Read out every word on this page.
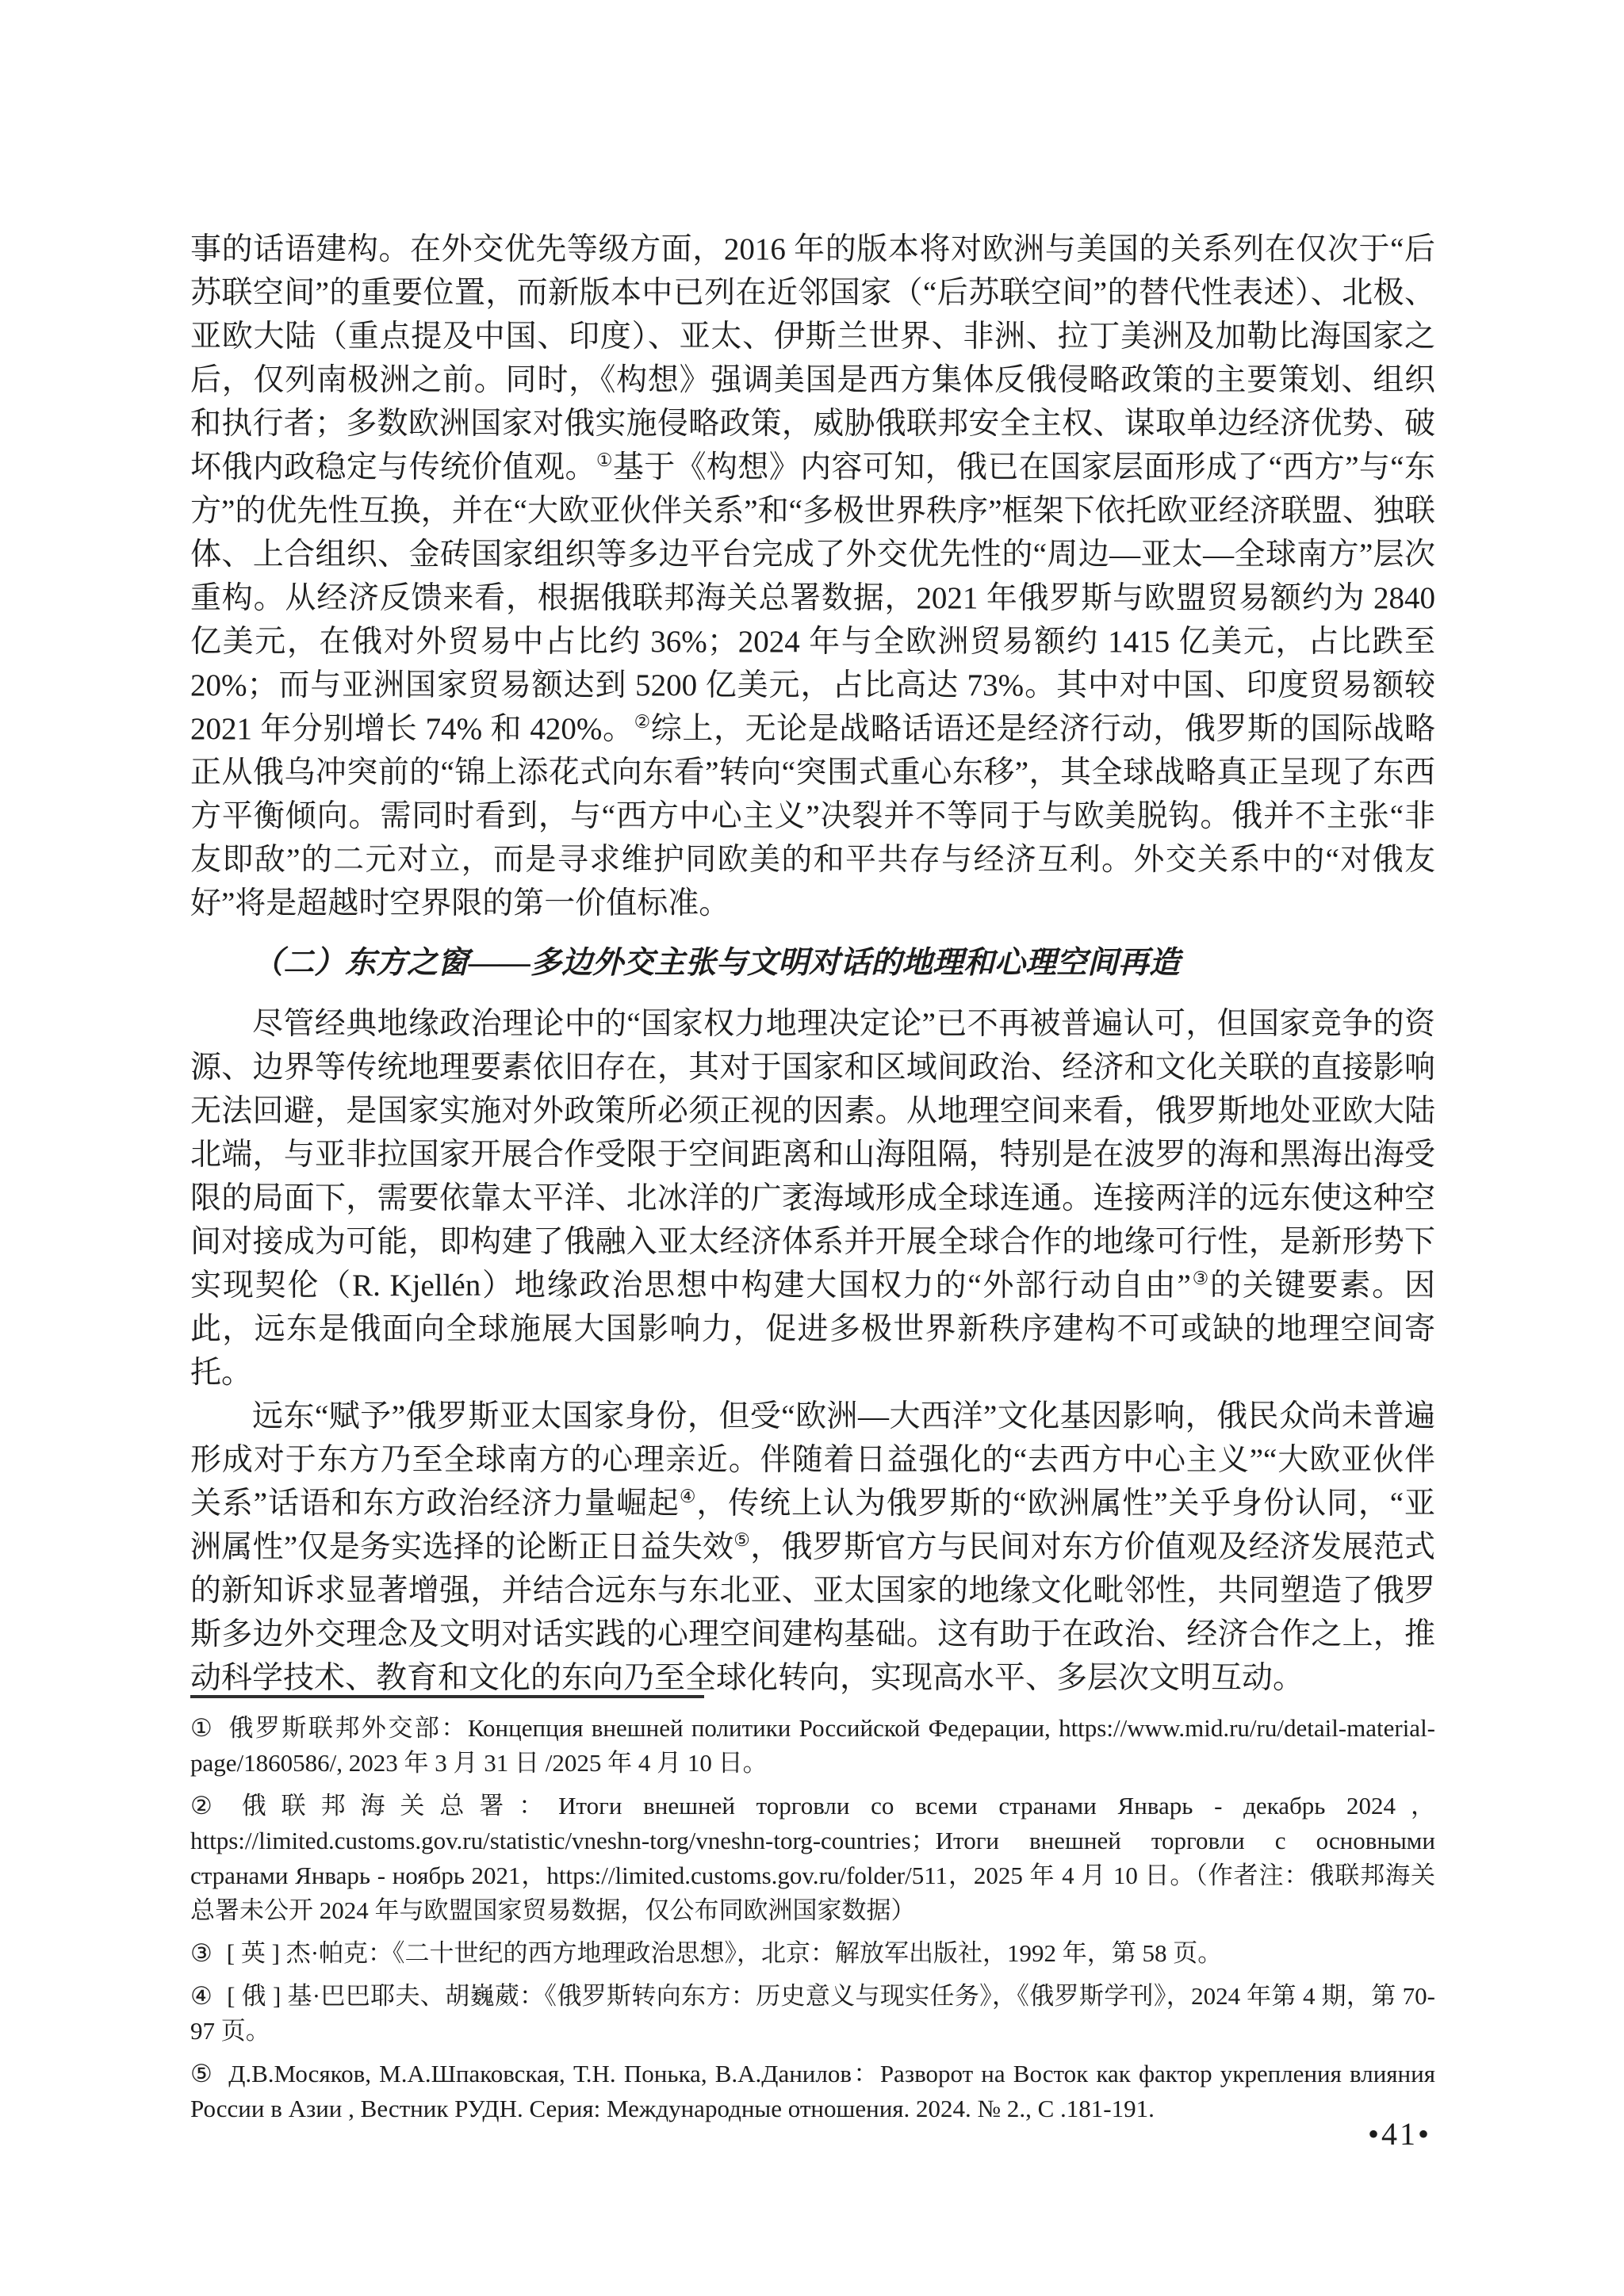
事的话语建构。在外交优先等级方面，2016 年的版本将对欧洲与美国的关系列在仅次于“后苏联空间”的重要位置，而新版本中已列在近邻国家（“后苏联空间”的替代性表述）、北极、亚欧大陆（重点提及中国、印度）、亚太、伊斯兰世界、非洲、拉丁美洲及加勒比海国家之后，仅列南极洲之前。同时，《构想》强调美国是西方集体反俄侵略政策的主要策划、组织和执行者；多数欧洲国家对俄实施侵略政策，威胁俄联邦安全主权、谋取单边经济优势、破坏俄内政稳定与传统价值观。①基于《构想》内容可知，俄已在国家层面形成了“西方”与“东方”的优先性互换，并在“大欧亚伙伴关系”和“多极世界秩序”框架下依托欧亚经济联盟、独联体、上合组织、金砖国家组织等多边平台完成了外交优先性的“周边—亚太—全球南方”层次重构。从经济反馈来看，根据俄联邦海关总署数据，2021 年俄罗斯与欧盟贸易额约为 2840 亿美元，在俄对外贸易中占比约 36%；2024 年与全欧洲贸易额约 1415 亿美元，占比跌至 20%；而与亚洲国家贸易额达到 5200 亿美元，占比高达 73%。其中对中国、印度贸易额较 2021 年分别增长 74% 和 420%。②综上，无论是战略话语还是经济行动，俄罗斯的国际战略正从俄乌冲突前的“锦上添花式向东看”转向“突围式重心东移”，其全球战略真正呈现了东西方平衡倾向。需同时看到，与“西方中心主义”决裂并不等同于与欧美脱钩。俄并不主张“非友即敌”的二元对立，而是寻求维护同欧美的和平共存与经济互利。外交关系中的“对俄友好”将是超越时空界限的第一价值标准。

（二）东方之窗——多边外交主张与文明对话的地理和心理空间再造

尽管经典地缘政治理论中的“国家权力地理决定论”已不再被普遍认可，但国家竞争的资源、边界等传统地理要素依旧存在，其对于国家和区域间政治、经济和文化关联的直接影响无法回避，是国家实施对外政策所必须正视的因素。从地理空间来看，俄罗斯地处亚欧大陆北端，与亚非拉国家开展合作受限于空间距离和山海阻隔，特别是在波罗的海和黑海出海受限的局面下，需要依靠太平洋、北冰洋的广袤海域形成全球连通。连接两洋的远东使这种空间对接成为可能，即构建了俄融入亚太经济体系并开展全球合作的地缘可行性，是新形势下实现契伦（R. Kjellén）地缘政治思想中构建大国权力的“外部行动自由”③的关键要素。因此，远东是俄面向全球施展大国影响力，促进多极世界新秩序建构不可或缺的地理空间寄托。

远东“赋予”俄罗斯亚太国家身份，但受“欧洲—大西洋”文化基因影响，俄民众尚未普遍形成对于东方乃至全球南方的心理亲近。伴随着日益强化的“去西方中心主义”“大欧亚伙伴关系”话语和东方政治经济力量崛起④，传统上认为俄罗斯的“欧洲属性”关乎身份认同，“亚洲属性”仅是务实选择的论断正日益失效⑤，俄罗斯官方与民间对东方价值观及经济发展范式的新知诉求显著增强，并结合远东与东北亚、亚太国家的地缘文化毗邻性，共同塑造了俄罗斯多边外交理念及文明对话实践的心理空间建构基础。这有助于在政治、经济合作之上，推动科学技术、教育和文化的东向乃至全球化转向，实现高水平、多层次文明互动。

① 俄罗斯联邦外交部：Концепция внешней политики Российской Федерации, https://www.mid.ru/ru/detail-material-page/1860586/, 2023 年 3 月 31 日 /2025 年 4 月 10 日。

② 俄联邦海关总署：Итоги внешней торговли со всеми странами Январь - декабрь 2024，https://limited.customs.gov.ru/statistic/vneshn-torg/vneshn-torg-countries；Итоги внешней торговли с основными странами Январь - ноябрь 2021，https://limited.customs.gov.ru/folder/511，2025 年 4 月 10 日。（作者注：俄联邦海关总署未公开 2024 年与欧盟国家贸易数据，仅公布同欧洲国家数据）

③ [ 英 ] 杰·帕克：《二十世纪的西方地理政治思想》，北京：解放军出版社，1992 年，第 58 页。

④ [ 俄 ] 基·巴巴耶夫、胡巍葳：《俄罗斯转向东方：历史意义与现实任务》，《俄罗斯学刊》，2024 年第 4 期，第 70-97 页。

⑤ Д.В.Мосяков, М.А.Шпаковская, Т.Н. Понька, В.А.Данилов：Разворот на Восток как фактор укрепления влияния России в Азии , Вестник РУДН. Серия: Международные отношения. 2024. № 2., С .181-191.

•41•
